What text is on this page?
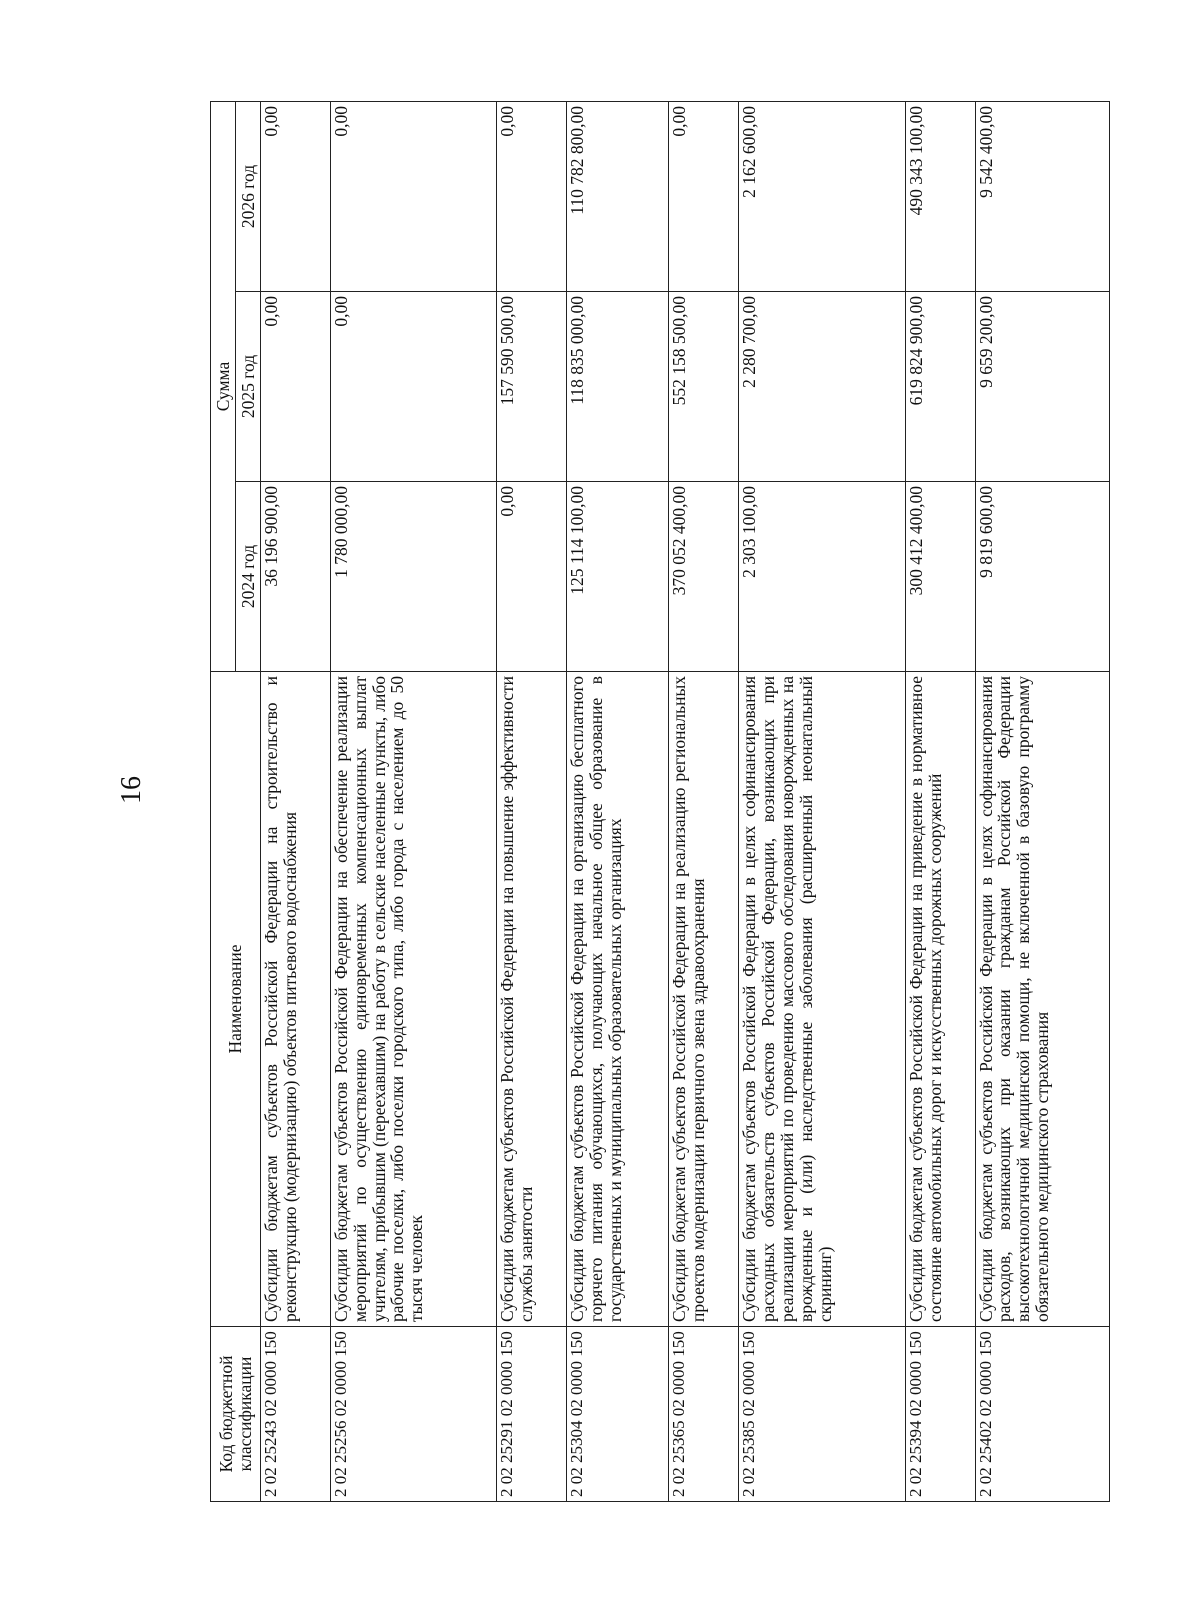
16
Код бюджетной классификации	Наименование	Сумма		
		2024 год	2025 год	2026 год
2 02 25243 02 0000 150	Субсидии бюджетам субъектов Российской Федерации на строительство и реконструкцию (модернизацию) объектов питьевого водоснабжения	36 196 900,00	0,00	0,00
2 02 25256 02 0000 150	Субсидии бюджетам субъектов Российской Федерации на обеспечение реализации мероприятий по осуществлению единовременных компенсационных выплат учителям, прибывшим (переехавшим) на работу в сельские населенные пункты, либо рабочие поселки, либо поселки городского типа, либо города с населением до 50 тысяч человек	1 780 000,00	0,00	0,00
2 02 25291 02 0000 150	Субсидии бюджетам субъектов Российской Федерации на повышение эффективности службы занятости	0,00	157 590 500,00	0,00
2 02 25304 02 0000 150	Субсидии бюджетам субъектов Российской Федерации на организацию бесплатного горячего питания обучающихся, получающих начальное общее образование в государственных и муниципальных образовательных организациях	125 114 100,00	118 835 000,00	110 782 800,00
2 02 25365 02 0000 150	Субсидии бюджетам субъектов Российской Федерации на реализацию региональных проектов модернизации первичного звена здравоохранения	370 052 400,00	552 158 500,00	0,00
2 02 25385 02 0000 150	Субсидии бюджетам субъектов Российской Федерации в целях софинансирования расходных обязательств субъектов Российской Федерации, возникающих при реализации мероприятий по проведению массового обследования новорожденных на врожденные и (или) наследственные заболевания (расширенный неонатальный скрининг)	2 303 100,00	2 280 700,00	2 162 600,00
2 02 25394 02 0000 150	Субсидии бюджетам субъектов Российской Федерации на приведение в нормативное состояние автомобильных дорог и искусственных дорожных сооружений	300 412 400,00	619 824 900,00	490 343 100,00
2 02 25402 02 0000 150	Субсидии бюджетам субъектов Российской Федерации в целях софинансирования расходов, возникающих при оказании гражданам Российской Федерации высокотехнологичной медицинской помощи, не включенной в базовую программу обязательного медицинского страхования	9 819 600,00	9 659 200,00	9 542 400,00
